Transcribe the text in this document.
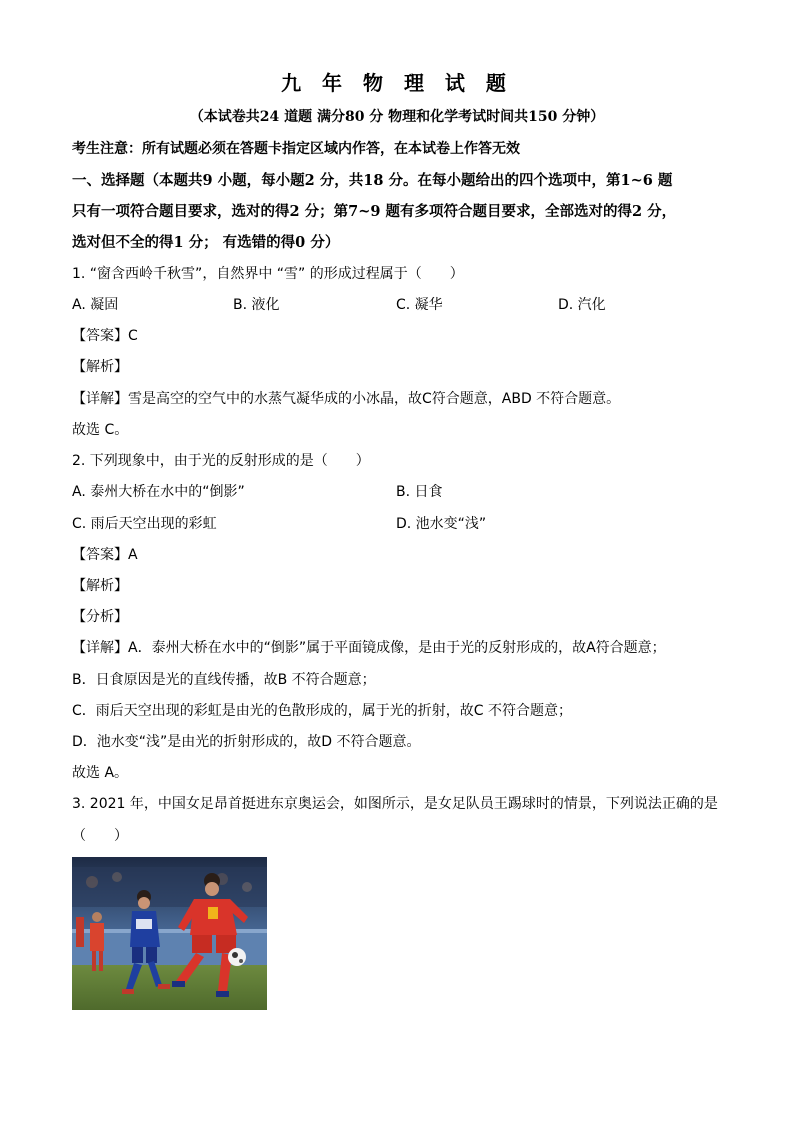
九 年 物 理 试 题
（本试卷共24 道题 满分80 分 物理和化学考试时间共150 分钟）
考生注意：所有试题必须在答题卡指定区域内作答，在本试卷上作答无效
一、选择题（本题共9 小题，每小题2 分，共18 分。在每小题给出的四个选项中，第1~6 题
只有一项符合题目要求，选对的得2 分；第7~9 题有多项符合题目要求，全部选对的得2 分，
选对但不全的得1 分； 有选错的得0 分）
1. “窗含西岭千秋雪”，自然界中 “雪” 的形成过程属于（　　）
A. 凝固	B. 液化	C. 凝华	D. 汽化
【答案】C
【解析】
【详解】雪是高空的空气中的水蒸气凝华成的小冰晶，故C符合题意，ABD 不符合题意。
故选 C。
2. 下列现象中，由于光的反射形成的是（　　）
A. 泰州大桥在水中的“倒影”	B. 日食
C. 雨后天空出现的彩虹	D. 池水变“浅”
【答案】A
【解析】
【分析】
【详解】A．泰州大桥在水中的“倒影”属于平面镜成像，是由于光的反射形成的，故A符合题意；
B．日食原因是光的直线传播，故B 不符合题意；
C．雨后天空出现的彩虹是由光的色散形成的，属于光的折射，故C 不符合题意；
D．池水变“浅”是由光的折射形成的，故D 不符合题意。
故选 A。
3. 2021 年，中国女足昂首挺进东京奥运会，如图所示，是女足队员王踢球时的情景，下列说法正确的是
（　　）
